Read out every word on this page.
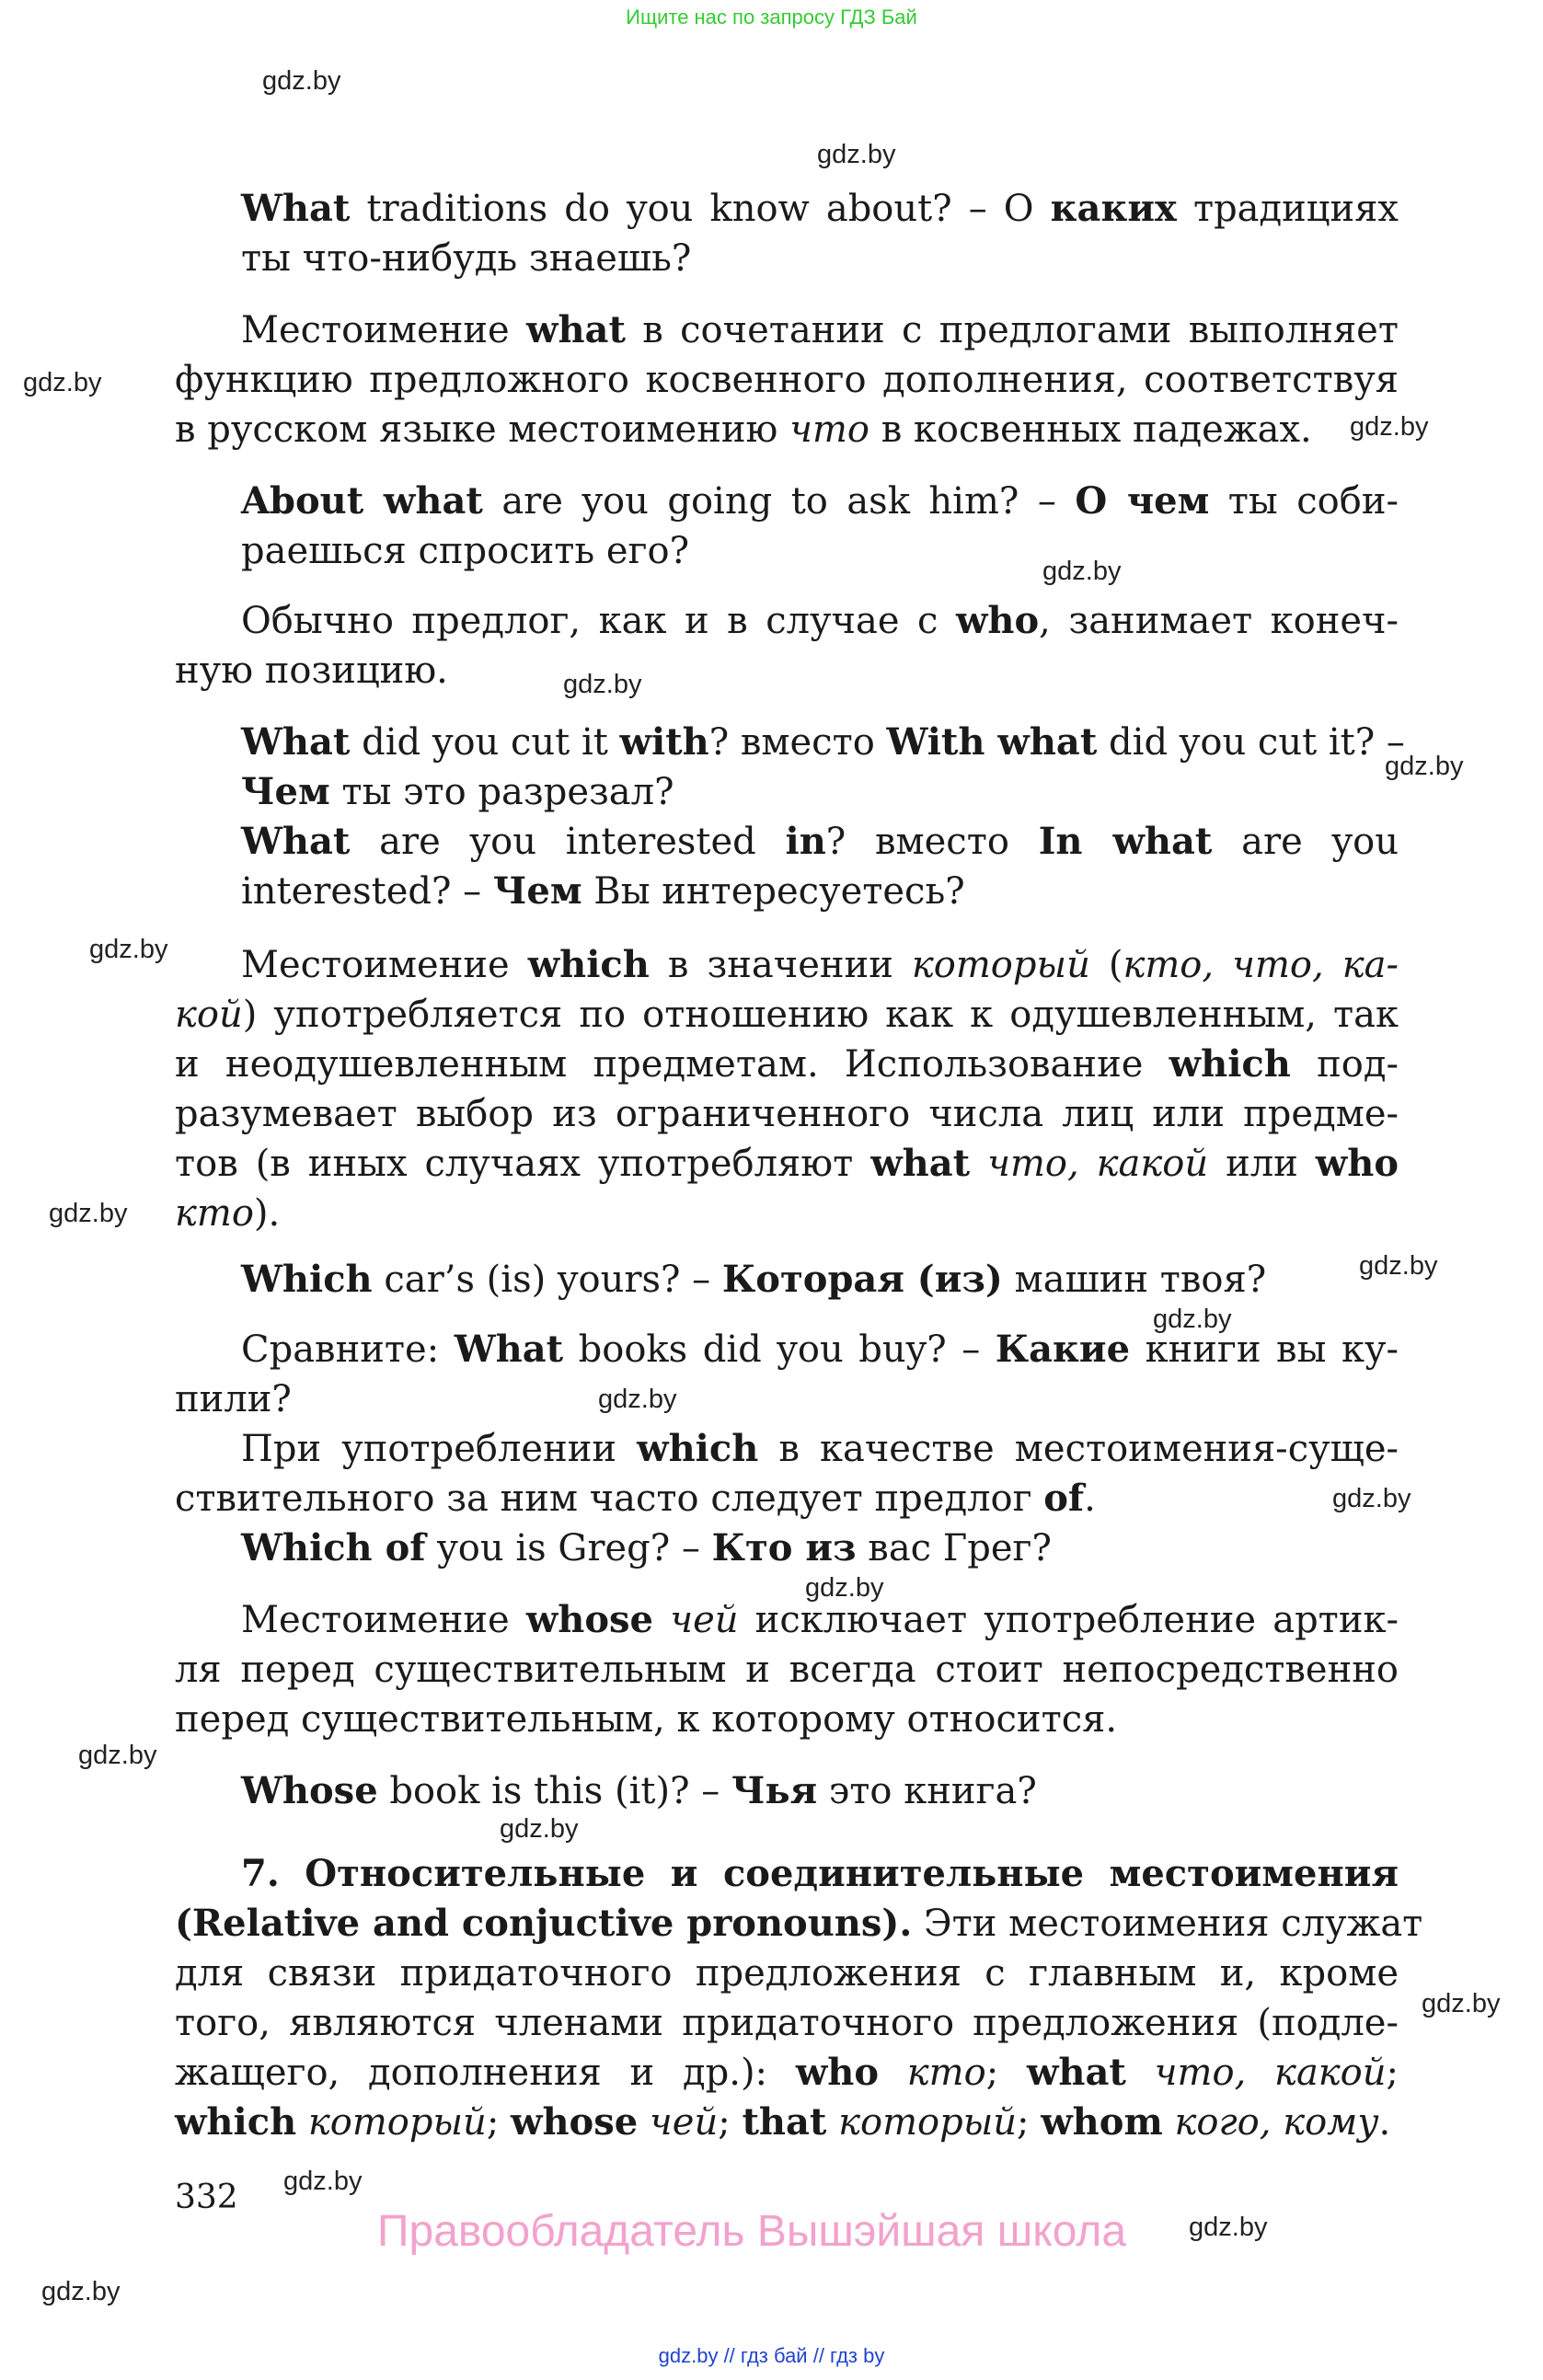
Ищите нас по запросу ГДЗ Бай
gdz.by
gdz.by
gdz.by
gdz.by
gdz.by
gdz.by
gdz.by
gdz.by
gdz.by
gdz.by
gdz.by
gdz.by
gdz.by
gdz.by
gdz.by
gdz.by
gdz.by
gdz.by
gdz.by
gdz.by
What traditions do you know about? – О каких традициях
ты что-нибудь знаешь?
Местоимение what в сочетании с предлогами выполняет
функцию предложного косвенного дополнения, соответствуя
в русском языке местоимению что в косвенных падежах.
About what are you going to ask him? – О чем ты соби-
раешься спросить его?
Обычно предлог, как и в случае с who, занимает конеч-
ную позицию.
What did you cut it with? вместо With what did you cut it? –
Чем ты это разрезал?
What are you interested in? вместо In what are you
interested? – Чем Вы интересуетесь?
Местоимение which в значении который (кто, что, ка-
кой) употребляется по отношению как к одушевленным, так
и неодушевленным предметам. Использование which под-
разумевает выбор из ограниченного числа лиц или предме-
тов (в иных случаях употребляют what что, какой или who
кто).
Which car’s (is) yours? – Которая (из) машин твоя?
Сравните: What books did you buy? – Какие книги вы ку-
пили?
При употреблении which в качестве местоимения-суще-
ствительного за ним часто следует предлог of.
Which of you is Greg? – Кто из вас Грег?
Местоимение whose чей исключает употребление артик-
ля перед существительным и всегда стоит непосредственно
перед существительным, к которому относится.
Whose book is this (it)? – Чья это книга?
7. Относительные и соединительные местоимения
(Relative and conjuctive pronouns). Эти местоимения служат
для связи придаточного предложения с главным и, кроме
того, являются членами придаточного предложения (подле-
жащего, дополнения и др.): who кто; what что, какой;
which который; whose чей; that который; whom кого, кому.
332
Правообладатель Вышэйшая школа
gdz.by // гдз бай // гдз by
